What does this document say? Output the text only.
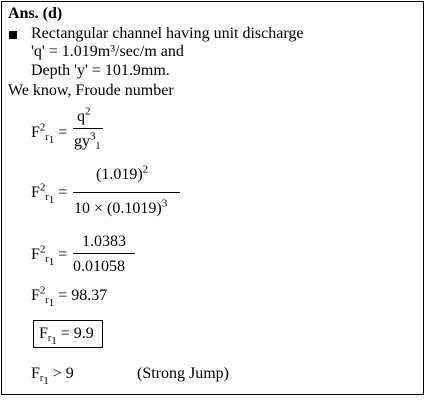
Ans. (d)
Rectangular channel having unit discharge
'q' = 1.019m³/sec/m and
Depth 'y' = 101.9mm.
We know, Froude number
$F^2r_1$ =
$q^2$
$gy^31$
$F^2r_1$ =
$(1.019)^2$
$10 \times (0.1019)^3$
$F^2r_1$ =
1.0383
0.01058
$F^2r_1 = 98.37$
$Fr_1 = 9.9$
$Fr_1 > 9$	(Strong Jump)
